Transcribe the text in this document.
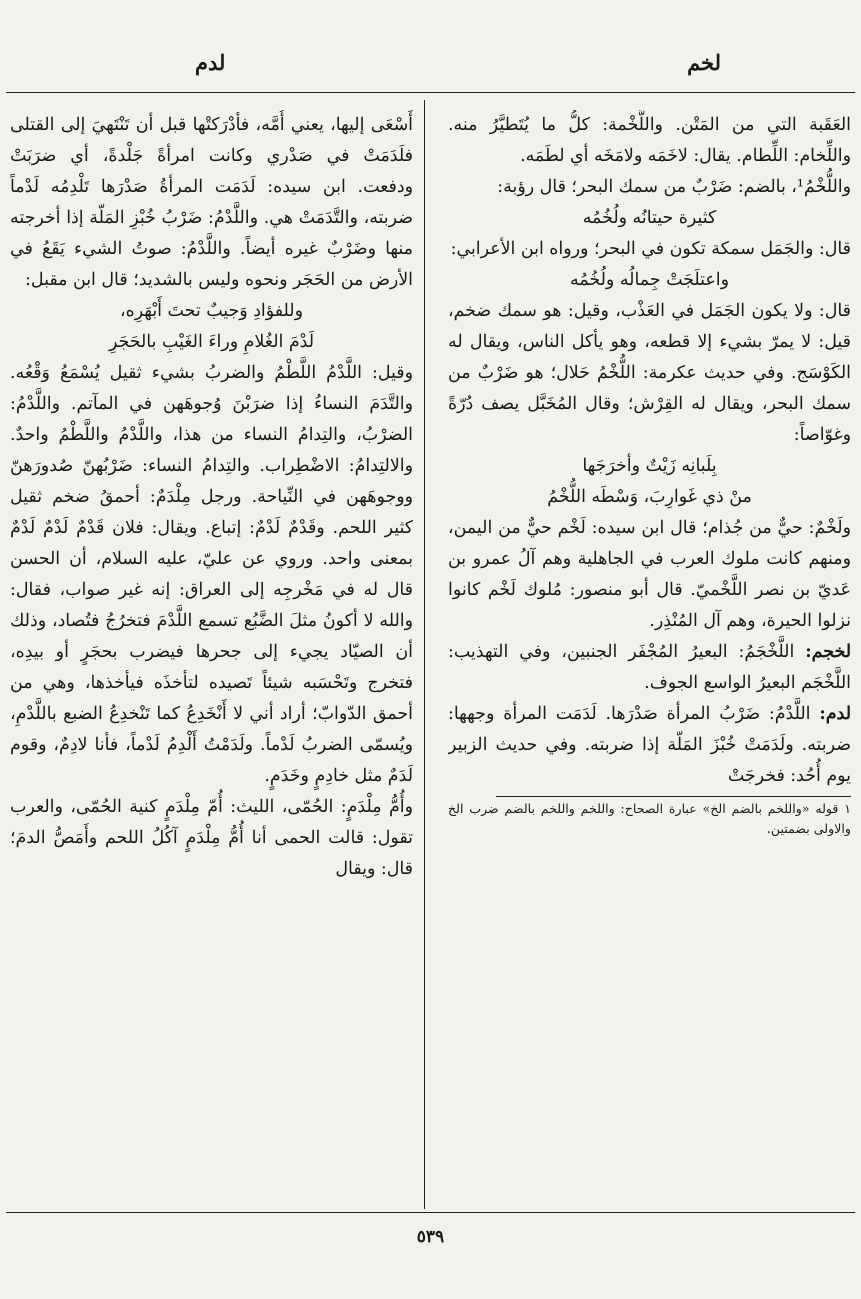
لخم
لدم

العَقَبة التي من المَتْن. واللُّخْمة: كلُّ ما يُتَطيَّرُ منه. واللِّخام: اللِّطام. يقال: لاخَمَه ولامَخَه أي لطَمَه.

واللُّخْمُ¹، بالضم: ضَرْبٌ من سمك البحر؛ قال رؤبة:

كثيرة حيتانُه ولُخُمُه

قال: والجَمَل سمكة تكون في البحر؛ ورواه ابن الأعرابي:

واعتلَجَتْ جِمالُه ولُخُمُه

قال: ولا يكون الجَمَل في العَذْب، وقيل: هو سمك ضخم، قيل: لا يمرّ بشيء إلا قطعه، وهو يأكل الناس، ويقال له الكَوْسَج. وفي حديث عكرمة: اللُّخْمُ حَلال؛ هو ضَرْبٌ من سمك البحر، ويقال له القِرْش؛ وقال المُخَبَّل يصف دُرّةً وغوّاصاً:

بِلَبانِه زَيْتٌ وأخرَجَها

منْ ذي غَوارِبَ، وَسْطَه اللُّخْمُ

ولَخْمٌ: حيٌّ من جُذام؛ قال ابن سيده: لَخْم حيٌّ من اليمن، ومنهم كانت ملوك العرب في الجاهلية وهم آلُ عمرو بن عَديّ بن نصر اللَّخْميّ. قال أبو منصور: مُلوك لَخْم كانوا نزلوا الحيرة، وهم آل المُنْذِر.

لخجم: اللَّخْجَمُ: البعيرُ المُجْفَر الجنبين، وفي التهذيب: اللَّخْجَم البعيرُ الواسع الجوف.

لدم: اللَّدْمُ: ضَرْبُ المرأة صَدْرَها. لَدَمَت المرأة وجهها: ضربته. ولَدَمَتْ خُبْزَ المَلّة إذا ضربته. وفي حديث الزبير يوم أُحُد: فخرجَتْ

١ قوله «واللخم بالضم الخ» عبارة الصحاح: واللخم واللخم بالضم ضرب الخ والاولى بضمتين.

أَسْعَى إليها، يعني أُمَّه، فأدْرَكتْها قبل أن تَنْتَهيَ إلى القتلى فلَدَمَتْ في صَدْري وكانت امرأةً جَلْدةً، أي ضرَبَتْ ودفعت. ابن سيده: لَدَمَت المرأةُ صَدْرَها تَلْدِمُه لَدْماً ضربته، والتَّدَمَتْ هي. واللَّدْمُ: ضَرْبُ خُبْزِ المَلّة إذا أخرجته منها وضَرْبٌ غيره أيضاً. واللَّدْمُ: صوتُ الشيء يَقَعُ في الأرض من الحَجَر ونحوه وليس بالشديد؛ قال ابن مقبل:

وللفؤادِ وَجيبٌ تحتَ أَبْهَرِه،

لَدْمَ الغُلامِ وراءَ الغَيْبِ بالحَجَرِ

وقيل: اللَّدْمُ اللَّطْمُ والضربُ بشيء ثقيل يُسْمَعُ وَقْعُه. والتَّدَمَ النساءُ إذا ضرَبْنَ وُجوهَهن في المآتم. واللَّدْمُ: الضرْبُ، والتِدامُ النساء من هذا، واللَّدْمُ واللَّطْمُ واحدٌ. والالتِدامُ: الاضْطِراب. والتِدامُ النساء: ضَرْبُهنّ صُدورَهنّ ووجوهَهن في النِّياحة. ورجل مِلْدَمٌ: أحمقُ ضخم ثقيل كثير اللحم. وقَدْمٌ لَدْمٌ: إتباع. ويقال: فلان قَدْمٌ لَدْمٌ لَدْمٌ بمعنى واحد. وروي عن عليّ، عليه السلام، أن الحسن قال له في مَخْرجِه إلى العراق: إنه غير صواب، فقال: والله لا أكونُ مثلَ الضَّبُع تسمع اللَّدْمَ فتخرُجُ فتُصاد، وذلك أن الصيّاد يجيء إلى جحرها فيضرب بحجَرٍ أو بيدِه، فتخرج وتَحْسَبه شيئاً تَصيده لتأخذَه فيأخذها، وهي من أحمق الدّوابّ؛ أراد أني لا أَنْخَدِعُ كما تَنْخدِعُ الضبع باللَّدْمِ، ويُسمّى الضربُ لَدْماً. ولَدَمْتُ أَلْدِمُ لَدْماً، فأنا لادِمٌ، وقوم لَدَمٌ مثل خادِمٍ وخَدَمٍ.

وأُمُّ مِلْدَمٍ: الحُمّى، الليث: أُمّ مِلْدَمٍ كنية الحُمّى، والعرب تقول: قالت الحمى أنا أُمُّ مِلْدَمٍ آكُلُ اللحم وأَمَصُّ الدمَ؛ قال: ويقال

٥٣٩
